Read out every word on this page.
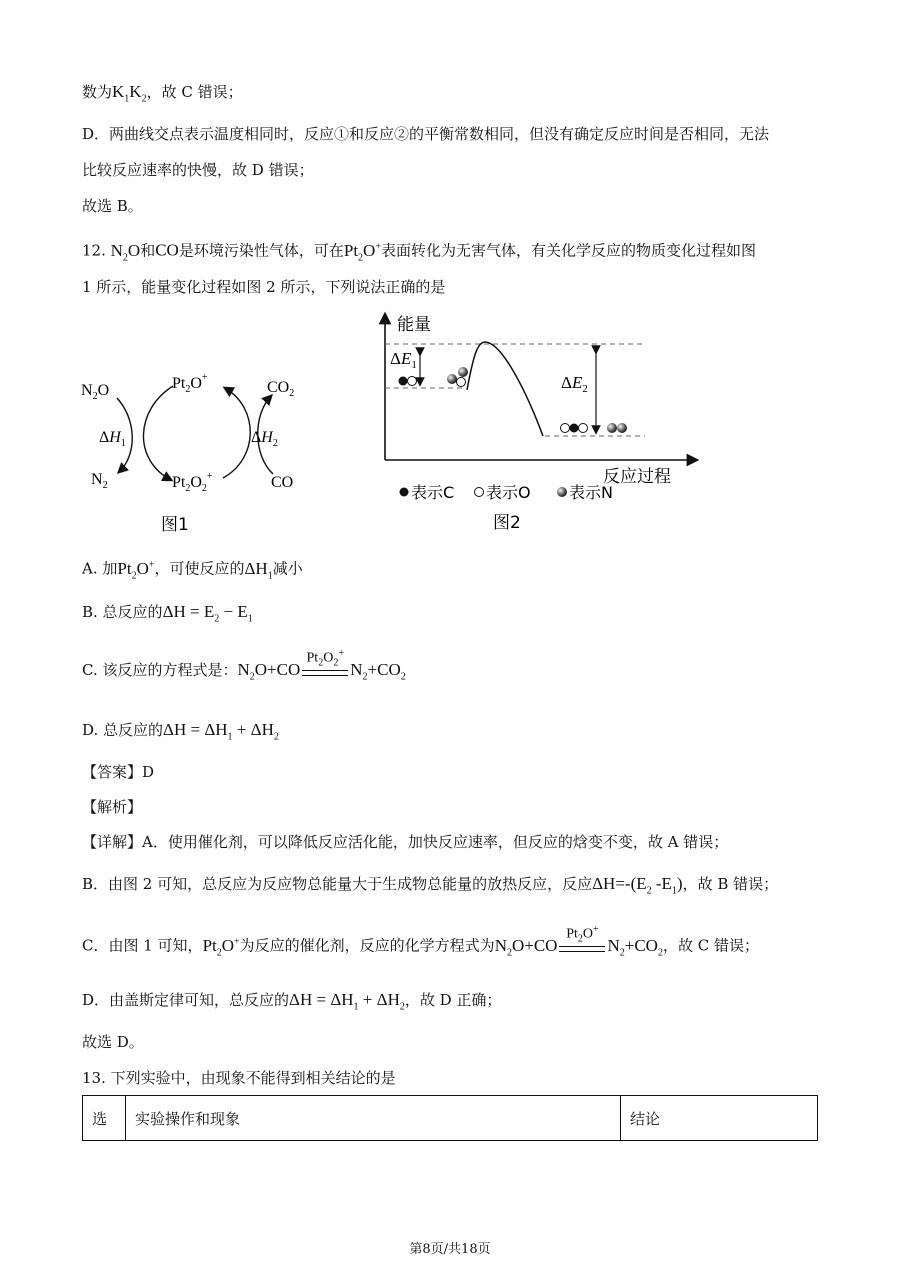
数为$K_1K_2$，故 C 错误；
D．两曲线交点表示温度相同时，反应①和反应②的平衡常数相同，但没有确定反应时间是否相同，无法
比较反应速率的快慢，故 D 错误；
故选 B。
12. $N_2O$和CO是环境污染性气体，可在$Pt_2O^+$表面转化为无害气体，有关化学反应的物质变化过程如图
1 所示，能量变化过程如图 2 所示，下列说法正确的是
$N_2O$
$N_2$
$Pt_2O^+$
$Pt_2O_2^+$
$CO_2$
CO
$\Delta H_1$	$\Delta H_2$
图1
能量
反应过程
$\Delta E_1$
$\Delta E_2$
表示C 表示O 表示N
图2
A. 加$Pt_2O^+$，可使反应的$\Delta H_1$减小
B. 总反应的$\Delta H = E_2 - E_1$
C. 该反应的方程式是：$N_2O+CO$
$Pt_2O_2^+$
$N_2+CO_2$
D. 总反应的$\Delta H = \Delta H_1 + \Delta H_2$
【答案】D
【解析】
【详解】A．使用催化剂，可以降低反应活化能，加快反应速率，但反应的焓变不变，故 A 错误；
B．由图 2 可知，总反应为反应物总能量大于生成物总能量的放热反应，反应$\Delta H=-(E_2$ $-E_1$)，故 B 错误；
C．由图 1 可知，$Pt_2O^+$为反应的催化剂，反应的化学方程式为$N_2O+CO$
$Pt_2O^+$
$N_2+CO_2$，故 C 错误；
D．由盖斯定律可知，总反应的$\Delta H = \Delta H_1 + \Delta H_2$，故 D 正确；
故选 D。
13. 下列实验中，由现象不能得到相关结论的是
选	实验操作和现象	结论
第8页/共18页
